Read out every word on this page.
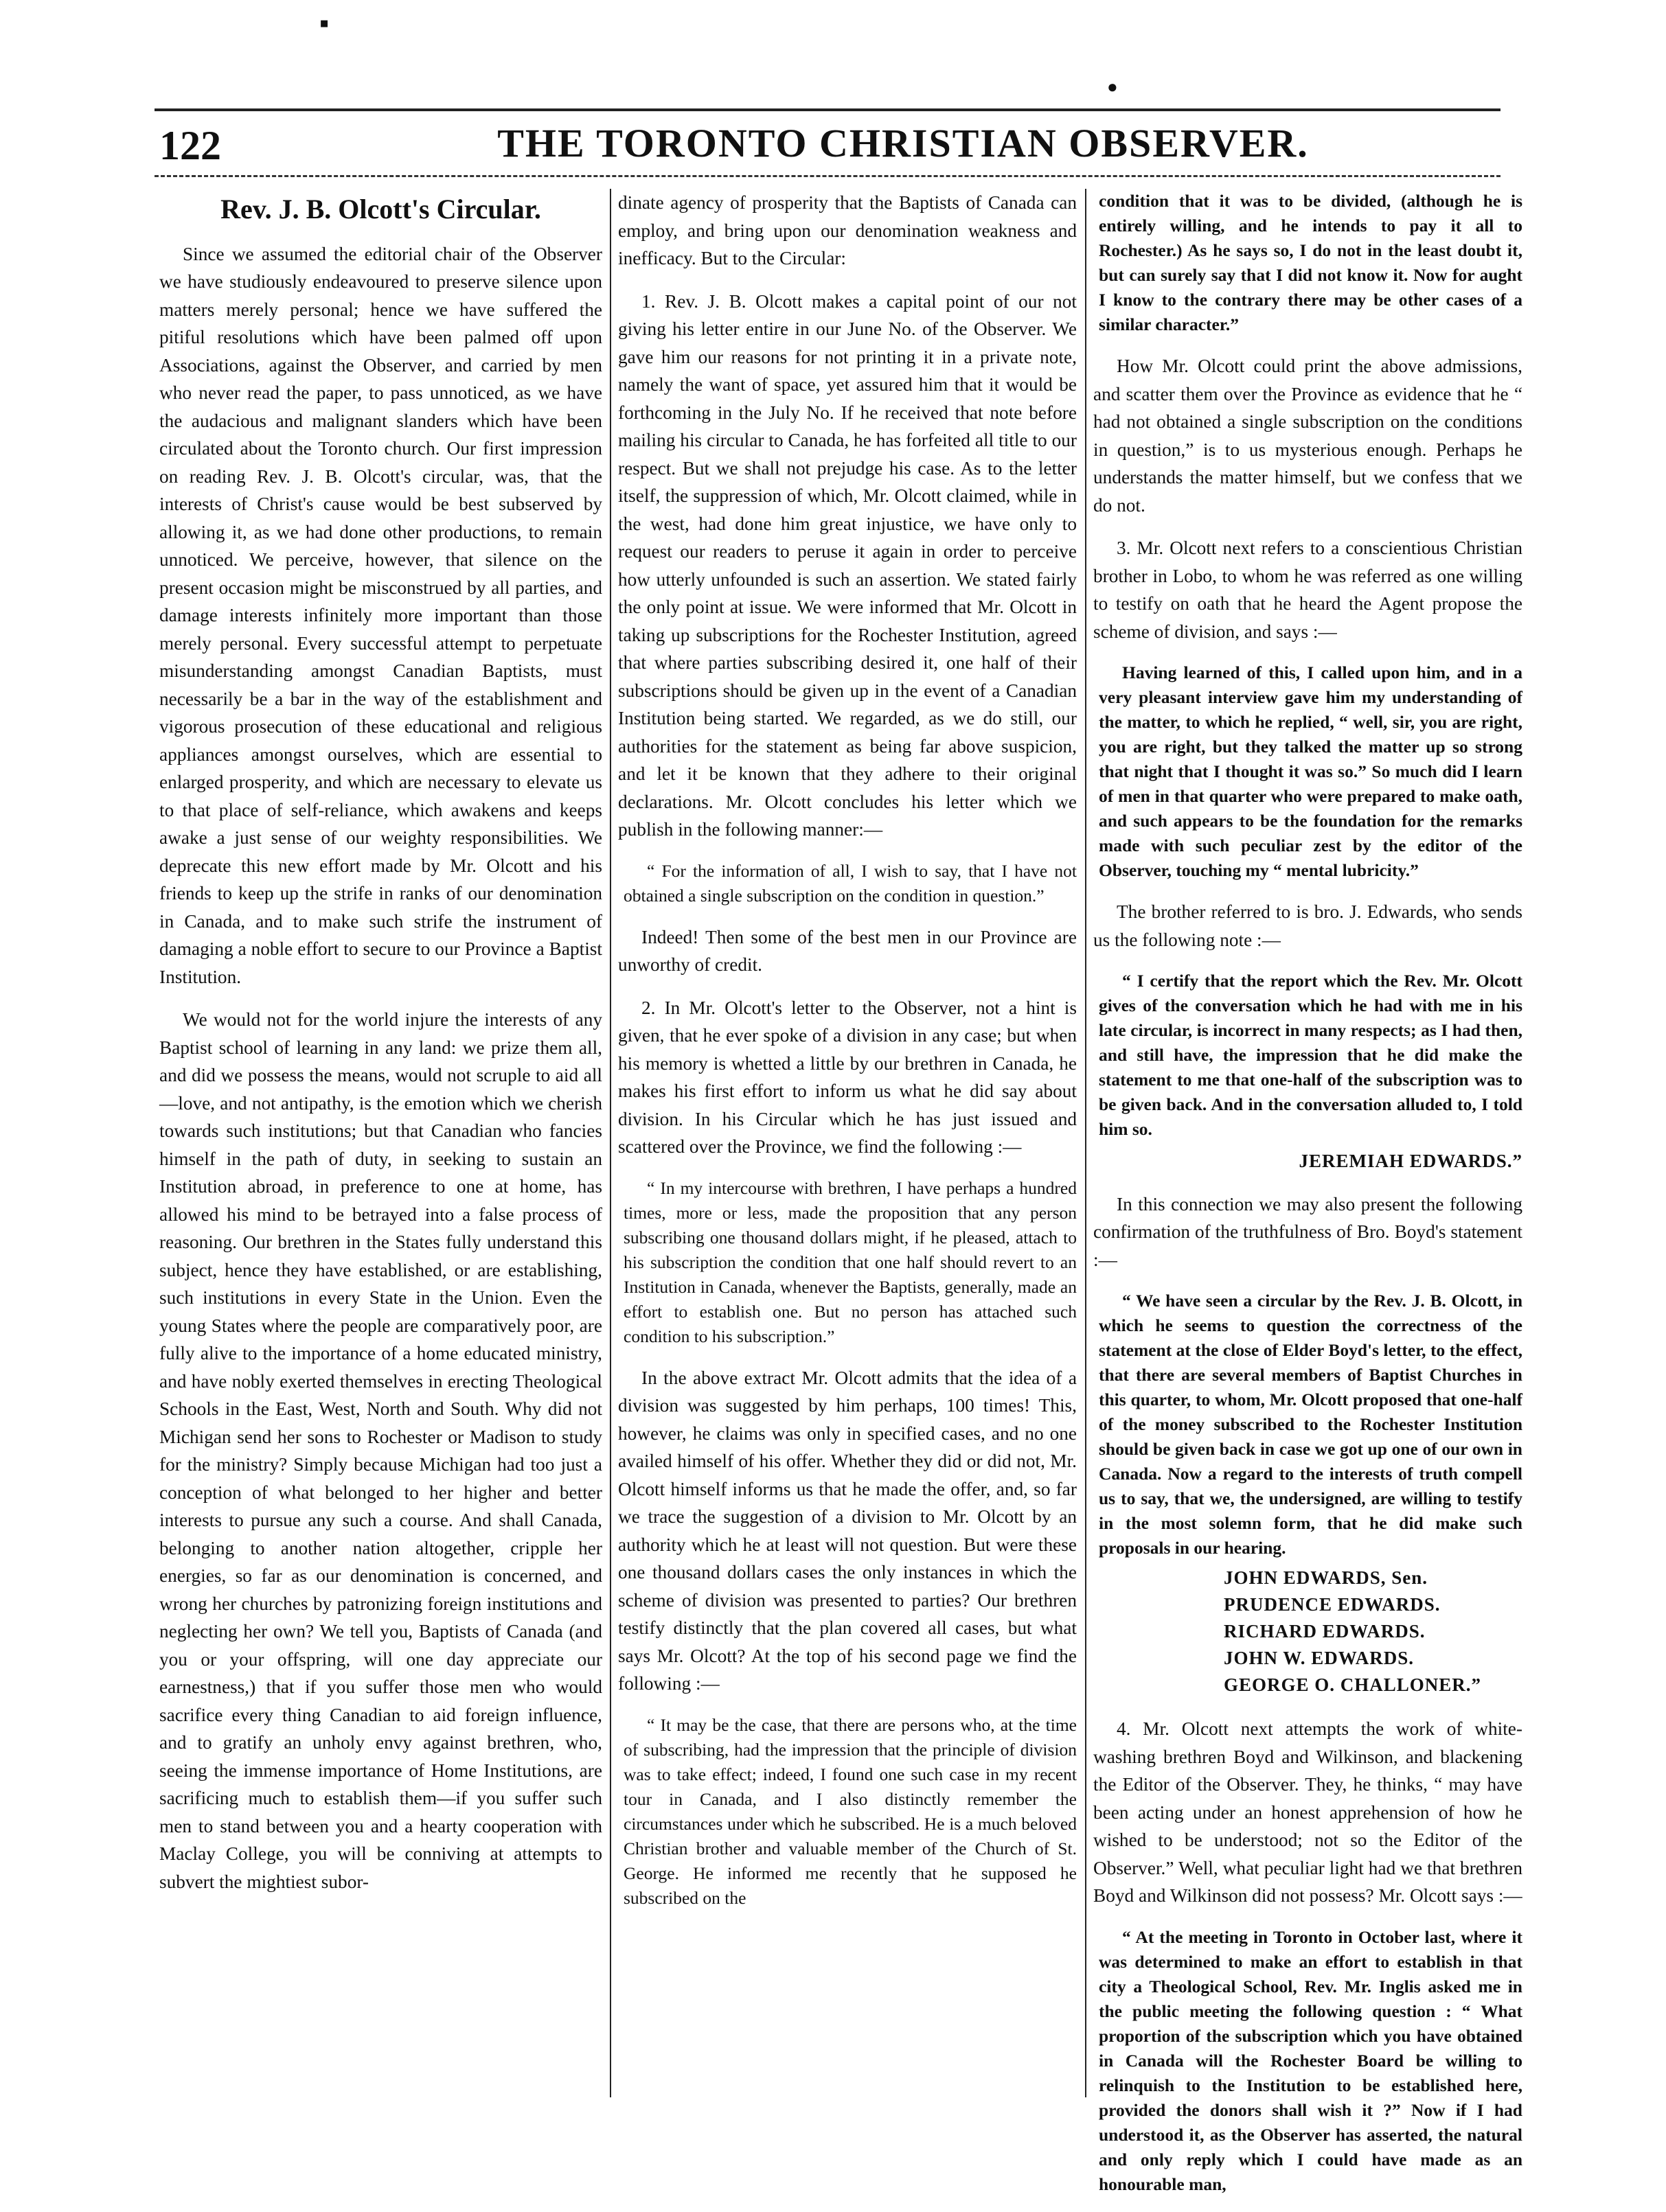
▪
●
122	THE TORONTO CHRISTIAN OBSERVER.
Rev. J. B. Olcott's Circular.

Since we assumed the editorial chair of the Observer we have studiously endeavoured to preserve silence upon matters merely personal; hence we have suffered the pitiful resolutions which have been palmed off upon Associations, against the Observer, and carried by men who never read the paper, to pass unnoticed, as we have the audacious and malignant slanders which have been circulated about the Toronto church. Our first impression on reading Rev. J. B. Olcott's circular, was, that the interests of Christ's cause would be best subserved by allowing it, as we had done other productions, to remain unnoticed. We perceive, however, that silence on the present occasion might be misconstrued by all parties, and damage interests infinitely more important than those merely personal. Every successful attempt to perpetuate misunderstanding amongst Canadian Baptists, must necessarily be a bar in the way of the establishment and vigorous prosecution of these educational and religious appliances amongst ourselves, which are essential to enlarged prosperity, and which are necessary to elevate us to that place of self-reliance, which awakens and keeps awake a just sense of our weighty responsibilities. We deprecate this new effort made by Mr. Olcott and his friends to keep up the strife in ranks of our denomination in Canada, and to make such strife the instrument of damaging a noble effort to secure to our Province a Baptist Institution.

We would not for the world injure the interests of any Baptist school of learning in any land: we prize them all, and did we possess the means, would not scruple to aid all—love, and not antipathy, is the emotion which we cherish towards such institutions; but that Canadian who fancies himself in the path of duty, in seeking to sustain an Institution abroad, in preference to one at home, has allowed his mind to be betrayed into a false process of reasoning. Our brethren in the States fully understand this subject, hence they have established, or are establishing, such institutions in every State in the Union. Even the young States where the people are comparatively poor, are fully alive to the importance of a home educated ministry, and have nobly exerted themselves in erecting Theological Schools in the East, West, North and South. Why did not Michigan send her sons to Rochester or Madison to study for the ministry? Simply because Michigan had too just a conception of what belonged to her higher and better interests to pursue any such a course. And shall Canada, belonging to another nation altogether, cripple her energies, so far as our denomination is concerned, and wrong her churches by patronizing foreign institutions and neglecting her own? We tell you, Baptists of Canada (and you or your offspring, will one day appreciate our earnestness,) that if you suffer those men who would sacrifice every thing Canadian to aid foreign influence, and to gratify an unholy envy against brethren, who, seeing the immense importance of Home Institutions, are sacrificing much to establish them—if you suffer such men to stand between you and a hearty cooperation with Maclay College, you will be conniving at attempts to subvert the mightiest subor-

dinate agency of prosperity that the Baptists of Canada can employ, and bring upon our denomination weakness and inefficacy. But to the Circular:

1. Rev. J. B. Olcott makes a capital point of our not giving his letter entire in our June No. of the Observer. We gave him our reasons for not printing it in a private note, namely the want of space, yet assured him that it would be forthcoming in the July No. If he received that note before mailing his circular to Canada, he has forfeited all title to our respect. But we shall not prejudge his case. As to the letter itself, the suppression of which, Mr. Olcott claimed, while in the west, had done him great injustice, we have only to request our readers to peruse it again in order to perceive how utterly unfounded is such an assertion. We stated fairly the only point at issue. We were informed that Mr. Olcott in taking up subscriptions for the Rochester Institution, agreed that where parties subscribing desired it, one half of their subscriptions should be given up in the event of a Canadian Institution being started. We regarded, as we do still, our authorities for the statement as being far above suspicion, and let it be known that they adhere to their original declarations. Mr. Olcott concludes his letter which we publish in the following manner:—

“ For the information of all, I wish to say, that I have not obtained a single subscription on the condition in question.”

Indeed! Then some of the best men in our Province are unworthy of credit.

2. In Mr. Olcott's letter to the Observer, not a hint is given, that he ever spoke of a division in any case; but when his memory is whetted a little by our brethren in Canada, he makes his first effort to inform us what he did say about division. In his Circular which he has just issued and scattered over the Province, we find the following :—

“ In my intercourse with brethren, I have perhaps a hundred times, more or less, made the proposition that any person subscribing one thousand dollars might, if he pleased, attach to his subscription the condition that one half should revert to an Institution in Canada, whenever the Baptists, generally, made an effort to establish one. But no person has attached such condition to his subscription.”

In the above extract Mr. Olcott admits that the idea of a division was suggested by him perhaps, 100 times! This, however, he claims was only in specified cases, and no one availed himself of his offer. Whether they did or did not, Mr. Olcott himself informs us that he made the offer, and, so far we trace the suggestion of a division to Mr. Olcott by an authority which he at least will not question. But were these one thousand dollars cases the only instances in which the scheme of division was presented to parties? Our brethren testify distinctly that the plan covered all cases, but what says Mr. Olcott? At the top of his second page we find the following :—

“ It may be the case, that there are persons who, at the time of subscribing, had the impression that the principle of division was to take effect; indeed, I found one such case in my recent tour in Canada, and I also distinctly remember the circumstances under which he subscribed. He is a much beloved Christian brother and valuable member of the Church of St. George. He informed me recently that he supposed he subscribed on the

condition that it was to be divided, (although he is entirely willing, and he intends to pay it all to Rochester.) As he says so, I do not in the least doubt it, but can surely say that I did not know it. Now for aught I know to the contrary there may be other cases of a similar character.”

How Mr. Olcott could print the above admissions, and scatter them over the Province as evidence that he “ had not obtained a single subscription on the conditions in question,” is to us mysterious enough. Perhaps he understands the matter himself, but we confess that we do not.

3. Mr. Olcott next refers to a conscientious Christian brother in Lobo, to whom he was referred as one willing to testify on oath that he heard the Agent propose the scheme of division, and says :—

Having learned of this, I called upon him, and in a very pleasant interview gave him my understanding of the matter, to which he replied, “ well, sir, you are right, you are right, but they talked the matter up so strong that night that I thought it was so.” So much did I learn of men in that quarter who were prepared to make oath, and such appears to be the foundation for the remarks made with such peculiar zest by the editor of the Observer, touching my “ mental lubricity.”

The brother referred to is bro. J. Edwards, who sends us the following note :—

“ I certify that the report which the Rev. Mr. Olcott gives of the conversation which he had with me in his late circular, is incorrect in many respects; as I had then, and still have, the impression that he did make the statement to me that one-half of the subscription was to be given back. And in the conversation alluded to, I told him so.

JEREMIAH EDWARDS.”

In this connection we may also present the following confirmation of the truthfulness of Bro. Boyd's statement :—

“ We have seen a circular by the Rev. J. B. Olcott, in which he seems to question the correctness of the statement at the close of Elder Boyd's letter, to the effect, that there are several members of Baptist Churches in this quarter, to whom, Mr. Olcott proposed that one-half of the money subscribed to the Rochester Institution should be given back in case we got up one of our own in Canada. Now a regard to the interests of truth compell us to say, that we, the undersigned, are willing to testify in the most solemn form, that he did make such proposals in our hearing.

JOHN EDWARDS, Sen.
PRUDENCE EDWARDS.
RICHARD EDWARDS.
JOHN W. EDWARDS.
GEORGE O. CHALLONER.”

4. Mr. Olcott next attempts the work of white-washing brethren Boyd and Wilkinson, and blackening the Editor of the Observer. They, he thinks, “ may have been acting under an honest apprehension of how he wished to be understood; not so the Editor of the Observer.” Well, what peculiar light had we that brethren Boyd and Wilkinson did not possess? Mr. Olcott says :—

“ At the meeting in Toronto in October last, where it was determined to make an effort to establish in that city a Theological School, Rev. Mr. Inglis asked me in the public meeting the following question : “ What proportion of the subscription which you have obtained in Canada will the Rochester Board be willing to relinquish to the Institution to be established here, provided the donors shall wish it ?” Now if I had understood it, as the Observer has asserted, the natural and only reply which I could have made as an honourable man,
